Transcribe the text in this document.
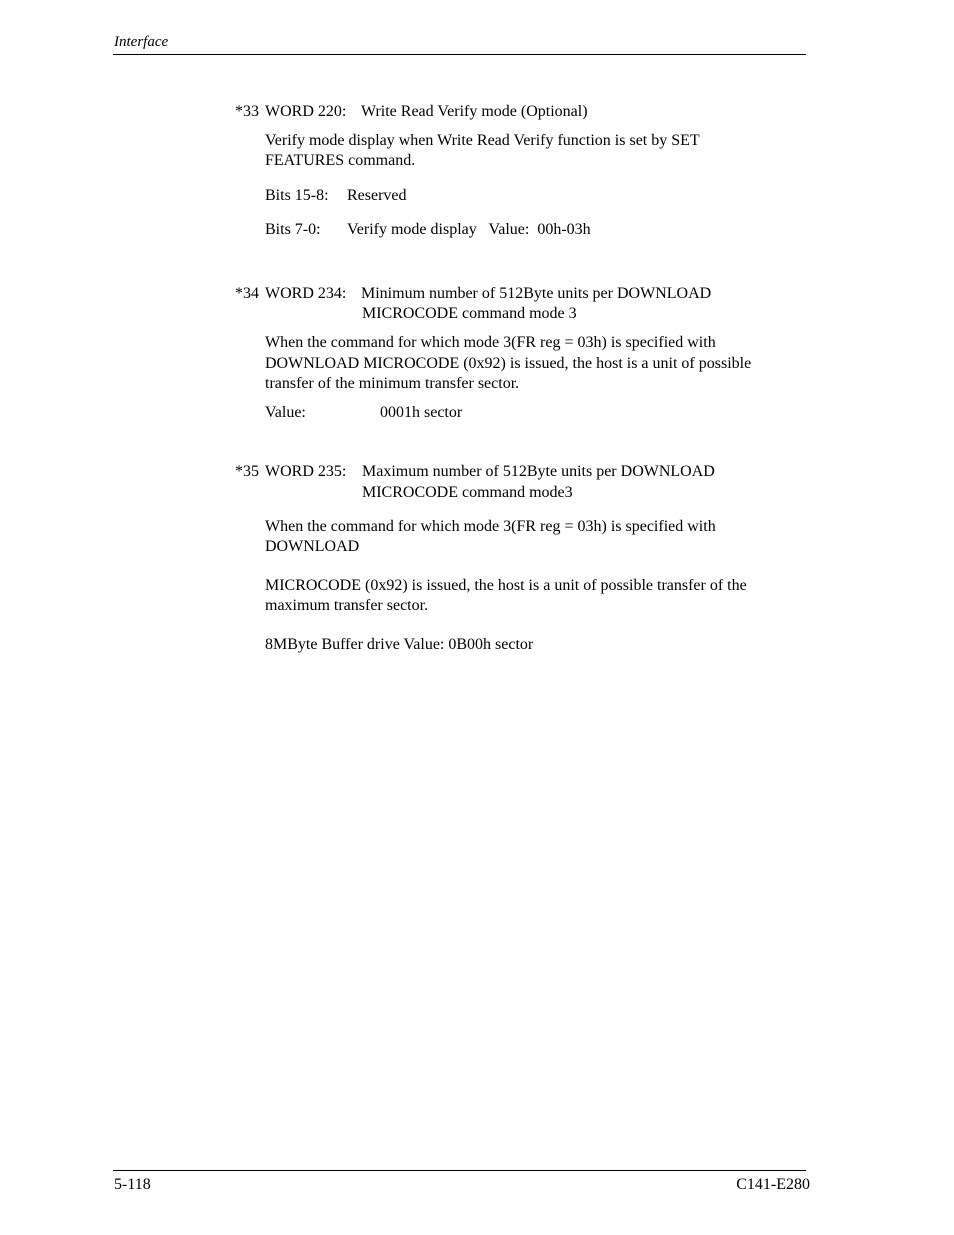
Interface
*33 WORD 220: Write Read Verify mode (Optional)
Verify mode display when Write Read Verify function is set by SET
FEATURES command.
Bits 15-8: Reserved
Bits 7-0: Verify mode display   Value:  00h-03h
*34 WORD 234: Minimum number of 512Byte units per DOWNLOAD
MICROCODE command mode 3
When the command for which mode 3(FR reg = 03h) is specified with
DOWNLOAD MICROCODE (0x92) is issued, the host is a unit of possible
transfer of the minimum transfer sector.
Value:	0001h sector
*35 WORD 235: Maximum number of 512Byte units per DOWNLOAD
MICROCODE command mode3
When the command for which mode 3(FR reg = 03h) is specified with
DOWNLOAD
MICROCODE (0x92) is issued, the host is a unit of possible transfer of the
maximum transfer sector.
8MByte Buffer drive Value: 0B00h sector
5-118	C141-E280
